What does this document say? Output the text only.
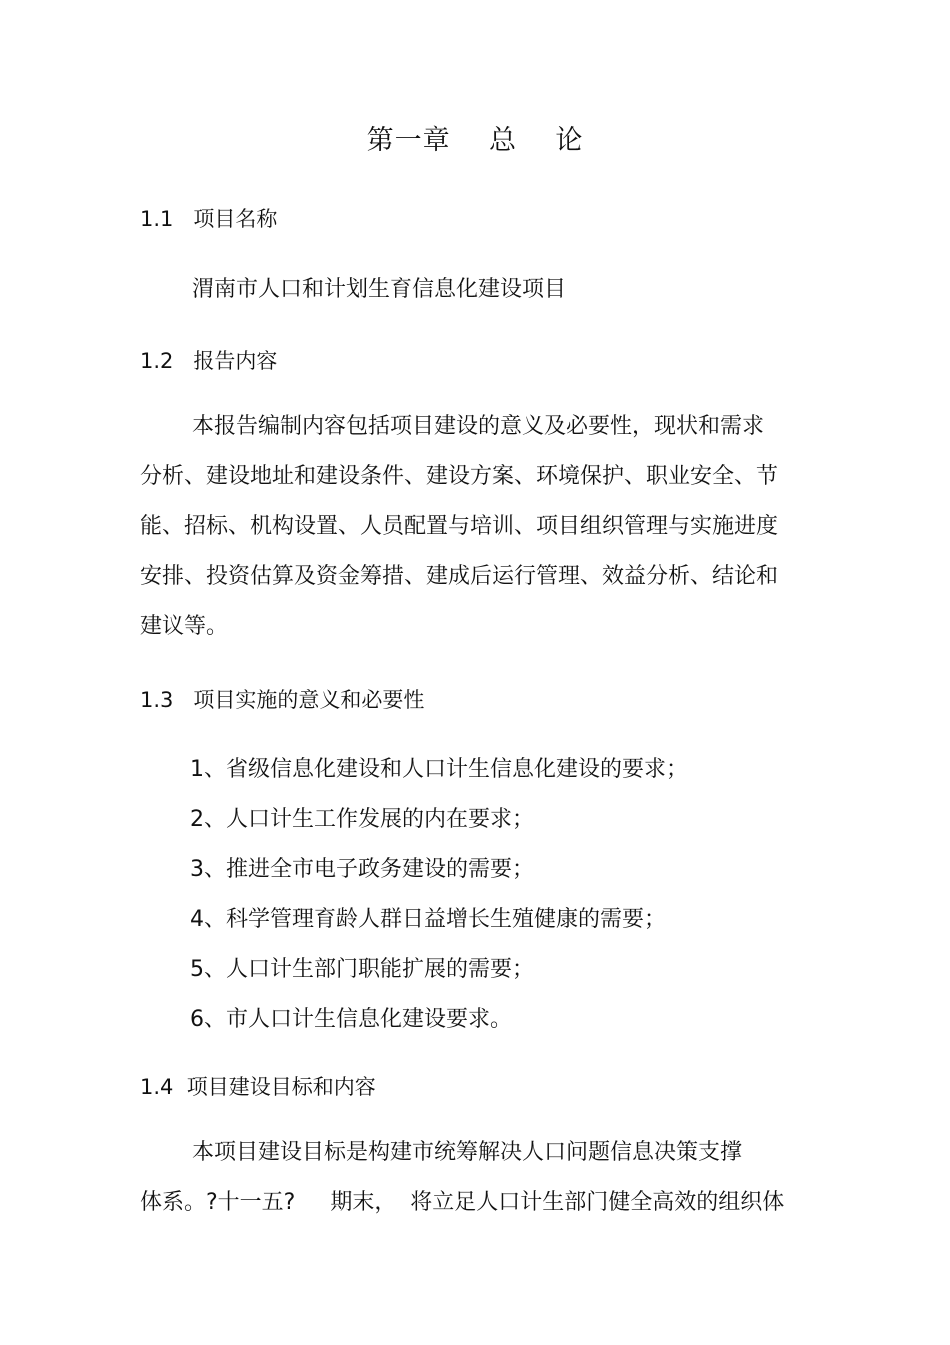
第一章    总    论
1.1   项目名称
渭南市人口和计划生育信息化建设项目
1.2   报告内容

本报告编制内容包括项目建设的意义及必要性，现状和需求分析、建设地址和建设条件、建设方案、环境保护、职业安全、节能、招标、机构设置、人员配置与培训、项目组织管理与实施进度安排、投资估算及资金筹措、建成后运行管理、效益分析、结论和建议等。

1.3   项目实施的意义和必要性
1、省级信息化建设和人口计生信息化建设的要求；
2、人口计生工作发展的内在要求；
3、推进全市电子政务建设的需要；
4、科学管理育龄人群日益增长生殖健康的需要；
5、人口计生部门职能扩展的需要；
6、市人口计生信息化建设要求。
1.4  项目建设目标和内容

本项目建设目标是构建市统筹解决人口问题信息决策支撑
体系。?十一五?     期末，  将立足人口计生部门健全高效的组织体
